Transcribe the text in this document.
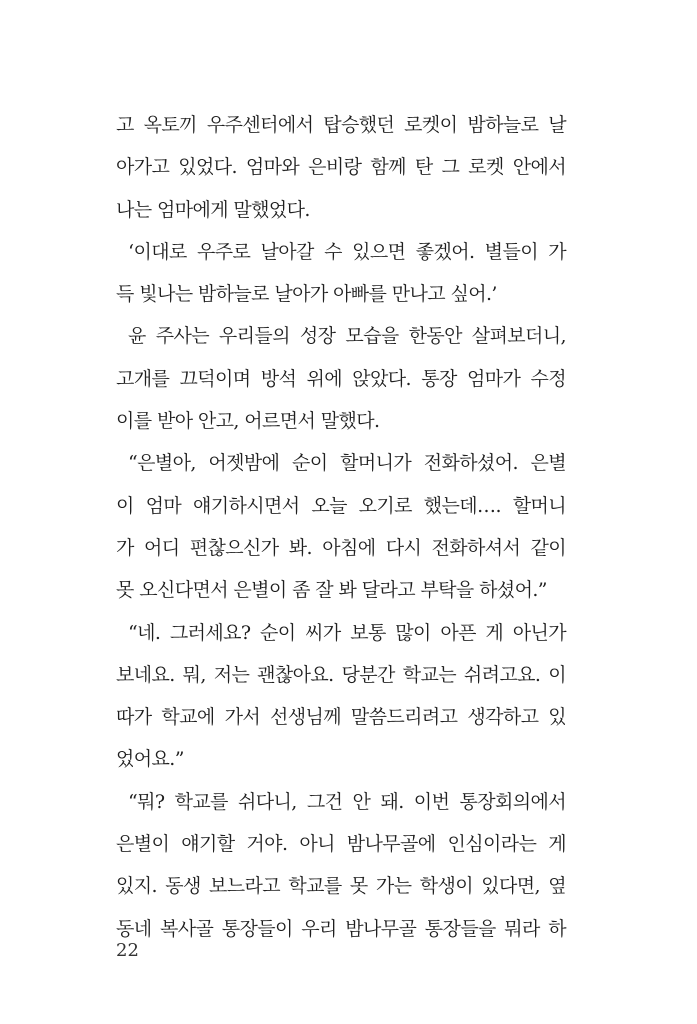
고 옥토끼 우주센터에서 탑승했던 로켓이 밤하늘로 날
아가고 있었다. 엄마와 은비랑 함께 탄 그 로켓 안에서
나는 엄마에게 말했었다.
‘이대로 우주로 날아갈 수 있으면 좋겠어. 별들이 가
득 빛나는 밤하늘로 날아가 아빠를 만나고 싶어.’
윤 주사는 우리들의 성장 모습을 한동안 살펴보더니,
고개를 끄덕이며 방석 위에 앉았다. 통장 엄마가 수정
이를 받아 안고, 어르면서 말했다.
“은별아, 어젯밤에 순이 할머니가 전화하셨어. 은별
이 엄마 얘기하시면서 오늘 오기로 했는데…. 할머니
가 어디 편찮으신가 봐. 아침에 다시 전화하셔서 같이
못 오신다면서 은별이 좀 잘 봐 달라고 부탁을 하셨어.”
“네. 그러세요? 순이 씨가 보통 많이 아픈 게 아닌가
보네요. 뭐, 저는 괜찮아요. 당분간 학교는 쉬려고요. 이
따가 학교에 가서 선생님께 말씀드리려고 생각하고 있
었어요.”
“뭐? 학교를 쉬다니, 그건 안 돼. 이번 통장회의에서
은별이 얘기할 거야. 아니 밤나무골에 인심이라는 게
있지. 동생 보느라고 학교를 못 가는 학생이 있다면, 옆
동네 복사골 통장들이 우리 밤나무골 통장들을 뭐라 하
22
